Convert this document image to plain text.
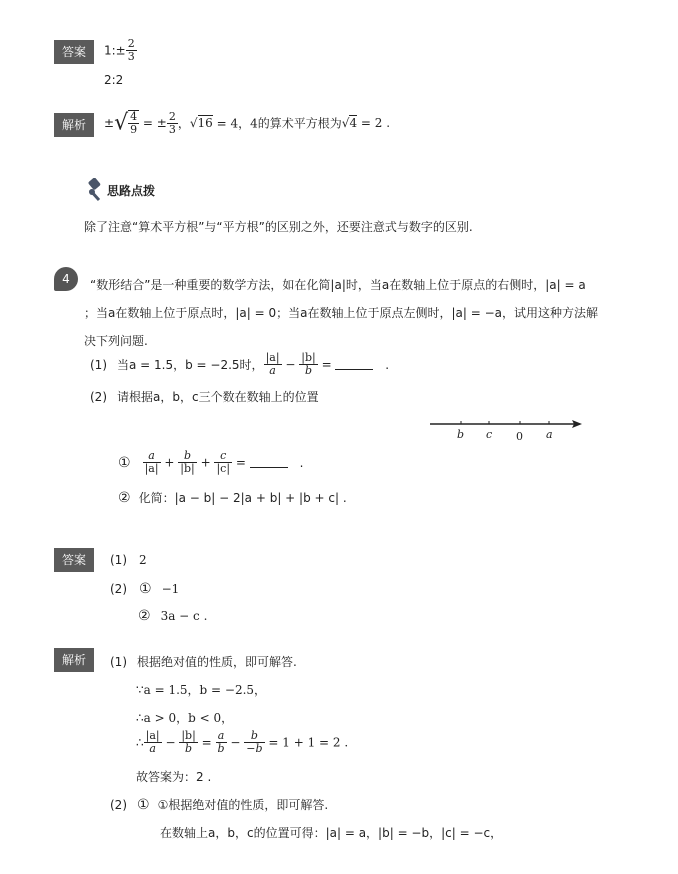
答案	1:± $\frac{2}{3}$
2:2
解析	±√ $\frac{4}{9}$ = ± $\frac{2}{3}$ ，√16 = 4，4的算术平方根为√4 = 2 .
思路点拨
除了注意“算术平方根”与“平方根”的区别之外，还要注意式与数字的区别.
4	“数形结合”是一种重要的数学方法，如在化简|a|时，当a在数轴上位于原点的右侧时，|a| = a
；当a在数轴上位于原点时，|a| = 0；当a在数轴上位于原点左侧时，|a| = −a，试用这种方法解
决下列问题.
(1) 当a = 1.5，b = −2.5时， $\frac{|a|}{a} - \frac{|b|}{b}$ =	.
(2) 请根据a，b，c三个数在数轴上的位置
b c 0 a
① $\frac{a}{|a|} + \frac{b}{|b|} + \frac{c}{|c|}$ =	.
② 化简：|a − b| − 2|a + b| + |b + c| .
答案	(1) 2
(2) ① −1
② 3a − c .
解析	(1) 根据绝对值的性质，即可解答.
∵a = 1.5，b = −2.5，
∴a > 0，b < 0，
∴ $\frac{|a|}{a} - \frac{|b|}{b} = \frac{a}{b} - \frac{b}{-b} = 1 + 1 = 2$ .
故答案为：2 .
(2) ① ①根据绝对值的性质，即可解答.
在数轴上a，b，c的位置可得：|a| = a，|b| = −b，|c| = −c，
